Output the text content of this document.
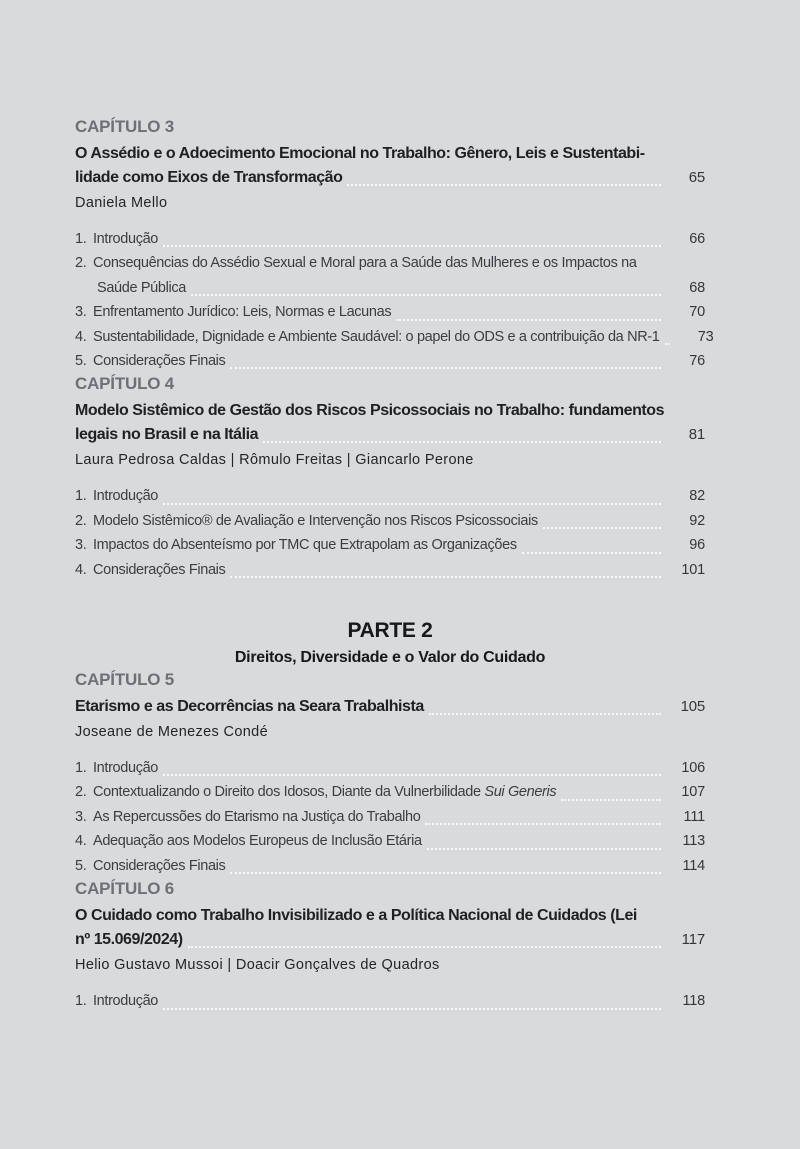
CAPÍTULO 3
O Assédio e o Adoecimento Emocional no Trabalho: Gênero, Leis e Sustentabi-
lidade como Eixos de Transformação	65
Daniela Mello
1. Introdução	66
2. Consequências do Assédio Sexual e Moral para a Saúde das Mulheres e os Impactos na
Saúde Pública	68
3. Enfrentamento Jurídico: Leis, Normas e Lacunas	70
4. Sustentabilidade, Dignidade e Ambiente Saudável: o papel do ODS e a contribuição da NR-1	73
5. Considerações Finais	76
CAPÍTULO 4
Modelo Sistêmico de Gestão dos Riscos Psicossociais no Trabalho: fundamentos
legais no Brasil e na Itália	81
Laura Pedrosa Caldas | Rômulo Freitas | Giancarlo Perone
1. Introdução	82
2. Modelo Sistêmico® de Avaliação e Intervenção nos Riscos Psicossociais	92
3. Impactos do Absenteísmo por TMC que Extrapolam as Organizações	96
4. Considerações Finais	101
PARTE 2
Direitos, Diversidade e o Valor do Cuidado
CAPÍTULO 5
Etarismo e as Decorrências na Seara Trabalhista	105
Joseane de Menezes Condé
1. Introdução	106
2. Contextualizando o Direito dos Idosos, Diante da Vulnerbilidade Sui Generis	107
3. As Repercussões do Etarismo na Justiça do Trabalho	111
4. Adequação aos Modelos Europeus de Inclusão Etária	113
5. Considerações Finais	114
CAPÍTULO 6
O Cuidado como Trabalho Invisibilizado e a Política Nacional de Cuidados (Lei
nº 15.069/2024)	117
Helio Gustavo Mussoi | Doacir Gonçalves de Quadros
1. Introdução	118
